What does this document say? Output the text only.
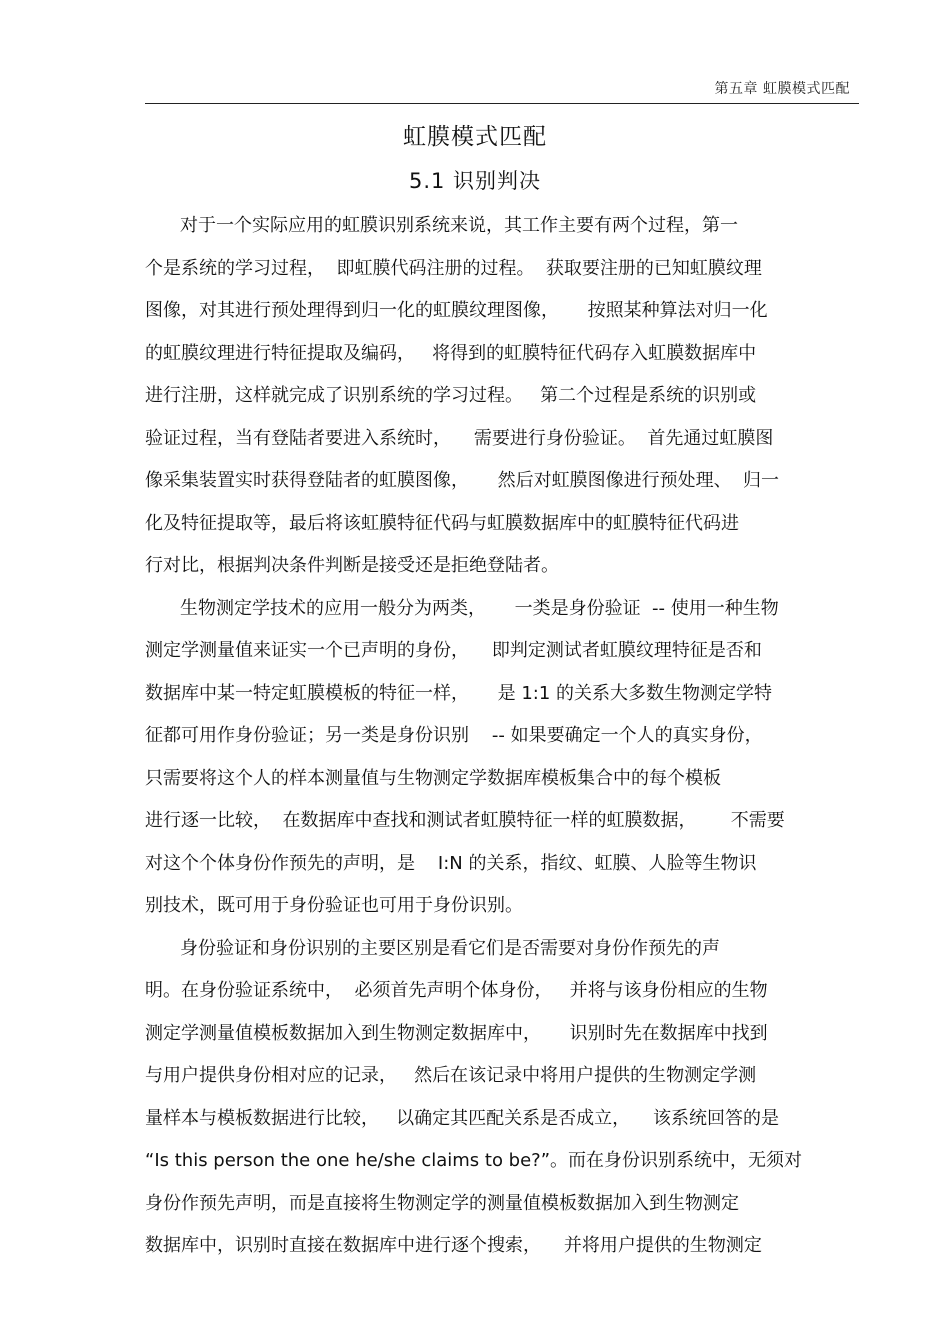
第五章 虹膜模式匹配
虹膜模式匹配
5.1 识别判决
对于一个实际应用的虹膜识别系统来说，其工作主要有两个过程，第一
个是系统的学习过程，  即虹膜代码注册的过程。  获取要注册的已知虹膜纹理
图像，对其进行预处理得到归一化的虹膜纹理图像，     按照某种算法对归一化
的虹膜纹理进行特征提取及编码，   将得到的虹膜特征代码存入虹膜数据库中
进行注册，这样就完成了识别系统的学习过程。   第二个过程是系统的识别或
验证过程，当有登陆者要进入系统时，    需要进行身份验证。  首先通过虹膜图
像采集装置实时获得登陆者的虹膜图像，     然后对虹膜图像进行预处理、  归一
化及特征提取等，最后将该虹膜特征代码与虹膜数据库中的虹膜特征代码进
行对比，根据判决条件判断是接受还是拒绝登陆者。
生物测定学技术的应用一般分为两类，     一类是身份验证  -- 使用一种生物
测定学测量值来证实一个已声明的身份，    即判定测试者虹膜纹理特征是否和
数据库中某一特定虹膜模板的特征一样，     是 1:1 的关系大多数生物测定学特
征都可用作身份验证；另一类是身份识别    -- 如果要确定一个人的真实身份，
只需要将这个人的样本测量值与生物测定学数据库模板集合中的每个模板
进行逐一比较，  在数据库中查找和测试者虹膜特征一样的虹膜数据，      不需要
对这个个体身份作预先的声明，是    I:N 的关系，指纹、虹膜、人脸等生物识
别技术，既可用于身份验证也可用于身份识别。
身份验证和身份识别的主要区别是看它们是否需要对身份作预先的声
明。在身份验证系统中，  必须首先声明个体身份，   并将与该身份相应的生物
测定学测量值模板数据加入到生物测定数据库中，     识别时先在数据库中找到
与用户提供身份相对应的记录，   然后在该记录中将用户提供的生物测定学测
量样本与模板数据进行比较，   以确定其匹配关系是否成立，    该系统回答的是
“Is this person the one he/she claims to be?”。而在身份识别系统中，无须对
身份作预先声明，而是直接将生物测定学的测量值模板数据加入到生物测定
数据库中，识别时直接在数据库中进行逐个搜索，    并将用户提供的生物测定
